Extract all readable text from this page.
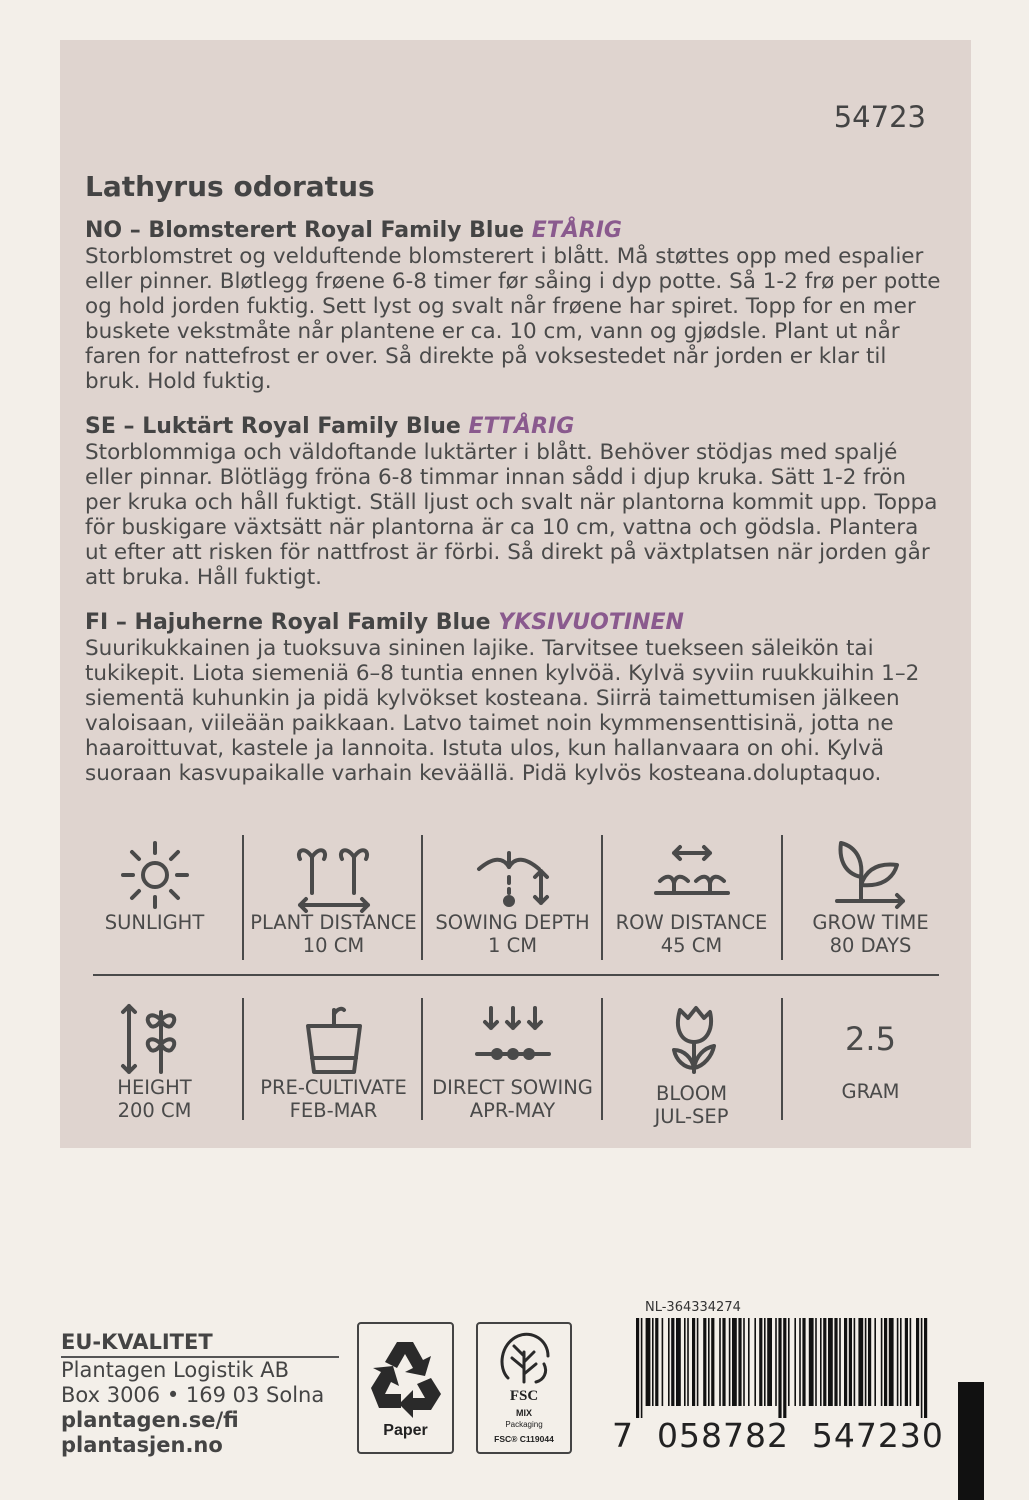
54723
Lathyrus odoratus
NO – Blomsterert Royal Family Blue ETÅRIG

Storblomstret og velduftende blomsterert i blått. Må støttes opp med espalier eller pinner. Bløtlegg frøene 6-8 timer før såing i dyp potte. Så 1-2 frø per potte og hold jorden fuktig. Sett lyst og svalt når frøene har spiret. Topp for en mer buskete vekstmåte når plantene er ca. 10 cm, vann og gjødsle. Plant ut når faren for nattefrost er over. Så direkte på voksestedet når jorden er klar til bruk. Hold fuktig.

SE – Luktärt Royal Family Blue ETTÅRIG

Storblommiga och väldoftande luktärter i blått. Behöver stödjas med spaljé eller pinnar. Blötlägg fröna 6-8 timmar innan sådd i djup kruka. Sätt 1-2 frön per kruka och håll fuktigt. Ställ ljust och svalt när plantorna kommit upp. Toppa för buskigare växtsätt när plantorna är ca 10 cm, vattna och gödsla. Plantera ut efter att risken för nattfrost är förbi. Så direkt på växtplatsen när jorden går att bruka. Håll fuktigt.

FI – Hajuherne Royal Family Blue YKSIVUOTINEN

Suurikukkainen ja tuoksuva sininen lajike. Tarvitsee tuekseen säleikön tai tukikepit. Liota siemeniä 6–8 tuntia ennen kylvöä. Kylvä syviin ruukkuihin 1–2 siementä kuhunkin ja pidä kylvökset kosteana. Siirrä taimettumisen jälkeen valoisaan, viileään paikkaan. Latvo taimet noin kymmensenttisinä, jotta ne haaroittuvat, kastele ja lannoita. Istuta ulos, kun hallanvaara on ohi. Kylvä suoraan kasvupaikalle varhain keväällä. Pidä kylvös kosteana.doluptaquo.

SUNLIGHT	PLANT DISTANCE
10 CM
SOWING DEPTH
1 CM
ROW DISTANCE
45 CM
GROW TIME
80 DAYS
HEIGHT
200 CM
PRE-CULTIVATE
FEB-MAR
DIRECT SOWING
APR-MAY
BLOOM
JUL-SEP
2.5
GRAM
EU-KVALITET
Plantagen Logistik AB
Box 3006 • 169 03 Solna
plantagen.se/fi
plantasjen.no
Paper
FSC
MIX
Packaging
FSC® C119044
NL-364334274
7  058782  547230
